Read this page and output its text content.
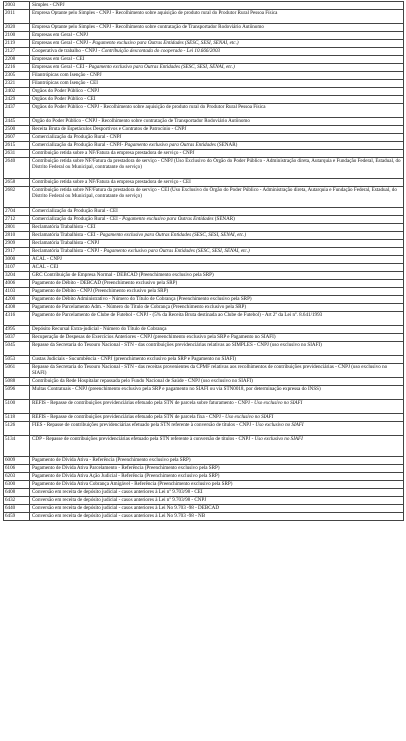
2003	Simples - CNPJ
2011	Empresa Optante pelo Simples - CNPJ - Recolhimento sobre aquisição de produto rural do Produtor Rural Pessoa Física
2020	Empresa Optante pelo Simples - CNPJ - Recolhimento sobre contratação de Transportador Rodoviário Autônomo
2100	Empresas em Geral - CNPJ
2119	Empresas em Geral - CNPJ - Pagamento exclusivo para Outras Entidades (SESC, SESI, SENAI, etc.)
2127	Cooperativa de trabalho - CNPJ - Contribuição descontada do cooperado - Lei 10.666/2003
2208	Empresas em Geral - CEI
2216	Empresas em Geral - CEI - Pagamento exclusivo para Outras Entidades (SESC, SESI, SENAI, etc.)
2305	Filantrópicas com Isenção - CNPJ
2321	Filantrópicas com Isenção - CEI
2402	Órgãos do Poder Público - CNPJ
2429	Órgãos do Poder Público - CEI
2437	Órgãos do Poder Público - CNPJ - Recolhimento sobre aquisição de produto rural do Produtor Rural Pessoa Física
2445	Órgão do Poder Público - CNPJ - Recolhimento sobre contratação de Transportador Rodoviário Autônomo
2500	Receita Bruta de Espetáculos Desportivos e Contratos de Patrocínio - CNPJ
2607	Comercialização da Produção Rural - CNPJ
2615	Comercialização da Produção Rural - CNPJ- Pagamento exclusivo para Outras Entidades (SENAR)
2631	Contribuição retida sobre a NF/Fatura da empresa prestadora de serviço - CNPJ
2640	Contribuição retida sobre NF/Fatura da prestadora de serviço - CNPJ (Uso Exclusivo do Órgão do Poder Público - Administração direta, Autarquia e Fundação Federal, Estadual, do Distrito Federal ou Municipal, contratante do serviço)
2658	Contribuição retida sobre a NF/Fatura da empresa prestadora de serviço - CEI
2682	Contribuição retida sobre NF/Fatura da prestadora de serviço - CEI (Uso Exclusivo do Órgão do Poder Público - Administração direta, Autarquia e Fundação Federal, Estadual, do Distrito Federal ou Municipal, contratante do serviço)
2704	Comercialização da Produção Rural - CEI
2712	Comercialização da Produção Rural - CEI - Pagamento exclusivo para Outras Entidades (SENAR)
2801	Reclamatória Trabalhista - CEI
2810	Reclamatória Trabalhista - CEI - Pagamento exclusivo para Outras Entidades (SESC, SESI, SENAI, etc.)
2909	Reclamatória Trabalhista - CNPJ
2917	Reclamatória Trabalhista - CNPJ - Pagamento exclusivo para Outras Entidades (SESC, SESI, SENAI, etc.)
3000	ACAL - CNPJ
3107	ACAL - CEI
3204	GRC Contribuição de Empresa Normal - DEBCAD (Preenchimento exclusivo pela SRP)
4006	Pagamento de Débito - DEBCAD (Preenchimento exclusivo pela SRP)
4103	Pagamento de Débito - CNPJ (Preenchimento exclusivo pela SRP)
4200	Pagamento de Débito Administrativo - Número do Título de Cobrança (Preenchimento exclusivo pela SRP)
4308	Pagamento de Parcelamento Adm. - Número do Título de Cobrança (Preenchimento exclusivo pela SRP)
4316	Pagamento de Parcelamento de Clube de Futebol - CNPJ - (5% da Receita Bruta destinada ao Clube de Futebol) - Art 2º da Lei nº. 8.641/1993
4995	Depósito Recursal Extra-judicial - Número do Título de Cobrança
5037	Recuperação de Despesas de Exercícios Anteriores - CNPJ (preenchimento exclusivo pela SRP e Pagamento no SIAFI)
5045	Repasse da Secretaria do Tesouro Nacional - STN - das contribuições previdenciárias relativas ao SIMPLES - CNPJ (uso exclusivo no SIAFI)
5053	Custas Judiciais - Sucumbência - CNPJ (preenchimento exclusivo pela SRP e Pagamento no SIAFI)
5061	Repasse da Secretaria do Tesouro Nacional - STN - das receitas provenientes da CPMF relativas aos recolhimentos de contribuições previdenciárias - CNPJ (uso exclusivo no SIAFI)
5088	Contribuição da Rede Hospitalar repassada pelo Fundo Nacional de Saúde - CNPJ (uso exclusivo no SIAFI)
5096	Multas Contratuais - CNPJ (preenchimento exclusivo pela SRP e pagamento no SIAFI ou via STN0018, por determinação expressa do INSS)
5100	REFIS - Repasse de contribuições previdenciárias efetuado pela STN de parcela sobre faturamento - CNPJ - Uso exclusivo no SIAFI
5118	REFIS - Repasse de contribuições previdenciárias efetuado pela STN de parcela fixa - CNPJ - Uso exclusivo no SIAFI
5126	FIES - Repasse de contribuições previdenciárias efetuado pela STN referente à conversão de títulos - CNPJ - Uso exclusivo no SIAFI
5134	CDP - Repasse de contribuições previdenciárias efetuado pela STN referente à conversão de títulos - CNPJ - Uso exclusivo no SIAFI
6009	Pagamento de Dívida Ativa - Referência (Preenchimento exclusivo pela SRP)
6106	Pagamento de Dívida Ativa Parcelamento - Referência (Preenchimento exclusivo pela SRP)
6203	Pagamento de Dívida Ativa Ação Judicial - Referência (Preenchimento exclusivo pela SRP)
6300	Pagamento de Dívida Ativa Cobrança Amigável - Referência (Preenchimento exclusivo pela SRP)
6408	Conversão em receita de depósito judicial - casos anteriores à Lei nº 9.703/98 - CEI
6432	Conversão em receita de depósito judicial - casos anteriores à Lei nº 9.703/98 - CNPJ
6440	Conversão em receita de depósito judicial - casos anteriores à Lei No 9.703 -98 - DEBCAD
6459	Conversão em receita de depósito judicial - casos anteriores à Lei No 9.703 -98 - NB
